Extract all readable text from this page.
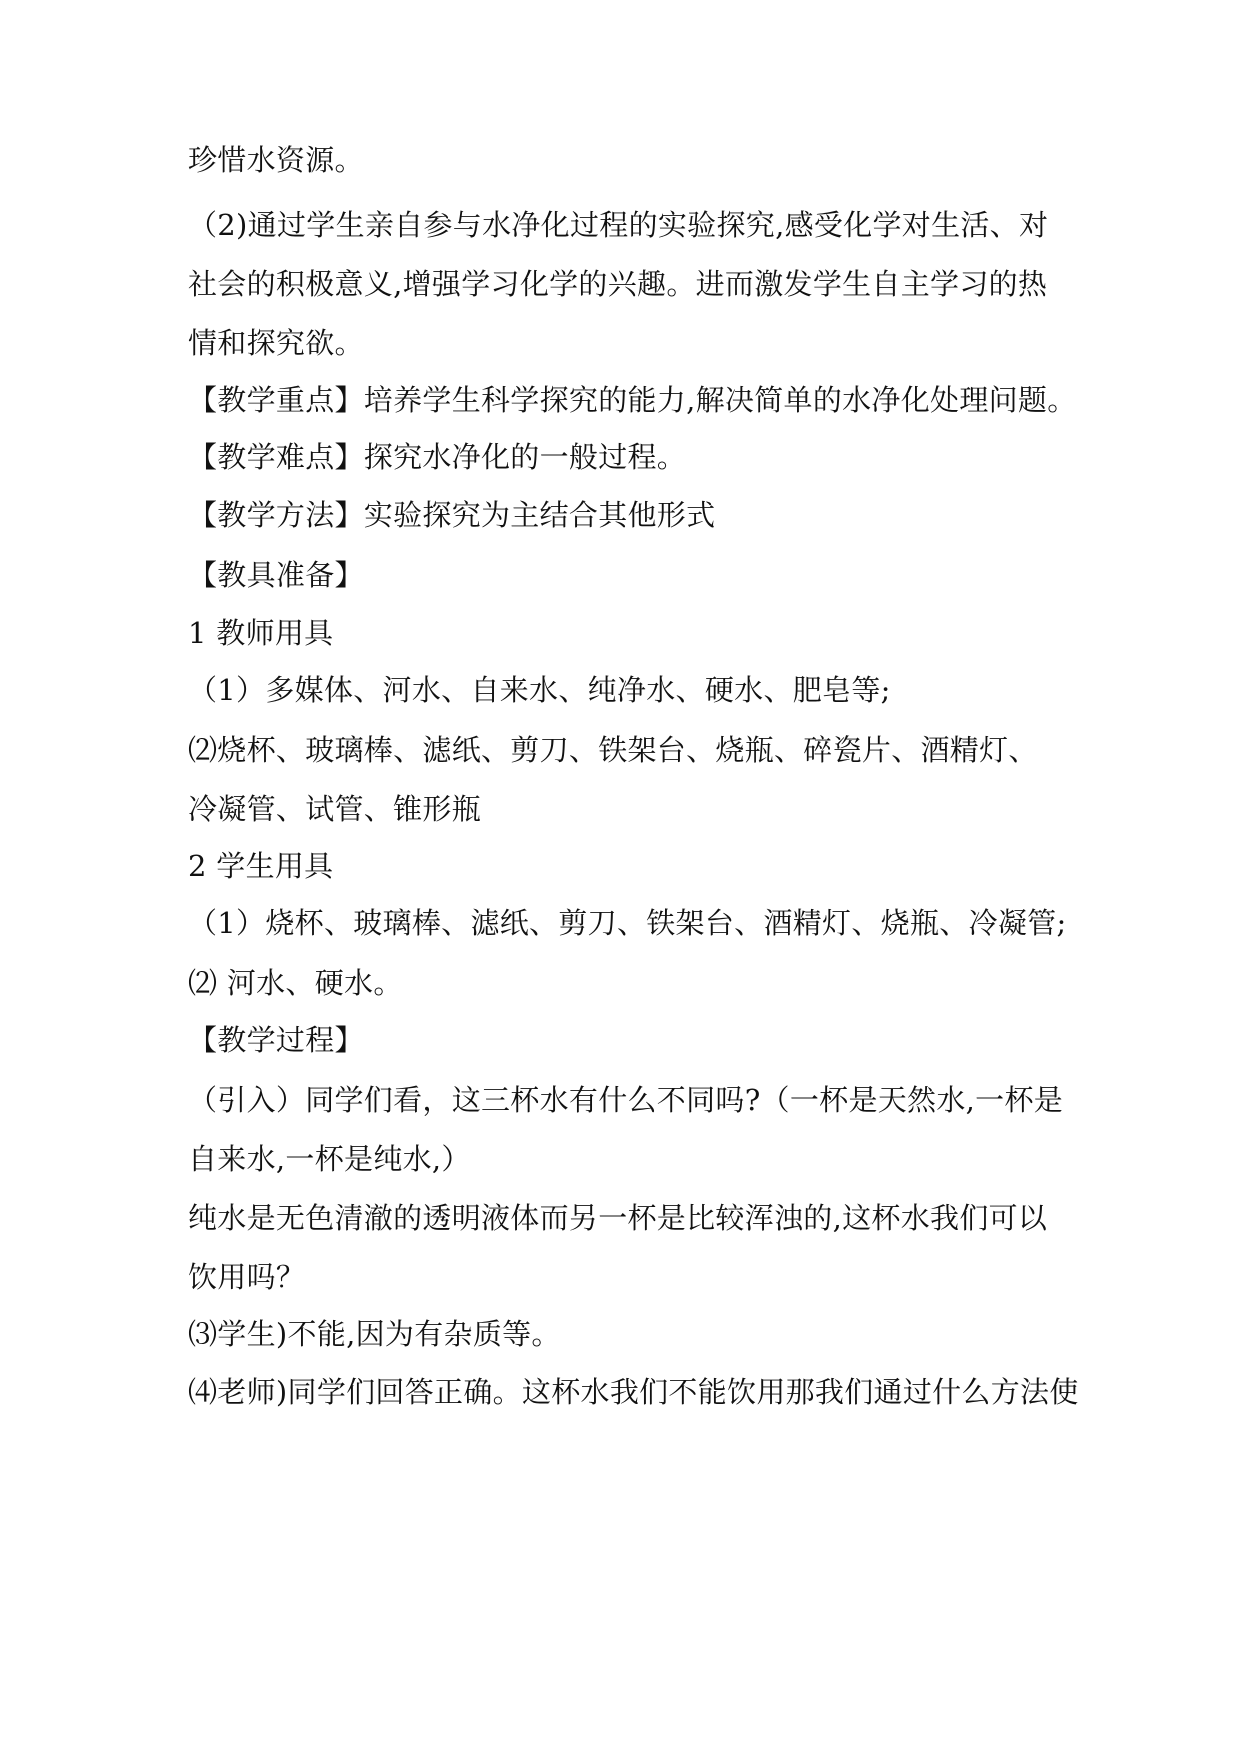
珍惜水资源。
（2)通过学生亲自参与水净化过程的实验探究,感受化学对生活、对
社会的积极意义,增强学习化学的兴趣。进而激发学生自主学习的热
情和探究欲。
【教学重点】培养学生科学探究的能力,解决简单的水净化处理问题。
【教学难点】探究水净化的一般过程。
【教学方法】实验探究为主结合其他形式
【教具准备】
1 教师用具
（1）多媒体、河水、自来水、纯净水、硬水、肥皂等;
⑵烧杯、玻璃棒、滤纸、剪刀、铁架台、烧瓶、碎瓷片、酒精灯、
冷凝管、试管、锥形瓶
2 学生用具
（1）烧杯、玻璃棒、滤纸、剪刀、铁架台、酒精灯、烧瓶、冷凝管;
⑵ 河水、硬水。
【教学过程】
（引入）同学们看，这三杯水有什么不同吗?（一杯是天然水,一杯是
自来水,一杯是纯水,）
纯水是无色清澈的透明液体而另一杯是比较浑浊的,这杯水我们可以
饮用吗？
⑶学生)不能,因为有杂质等。
⑷老师)同学们回答正确。这杯水我们不能饮用那我们通过什么方法使
